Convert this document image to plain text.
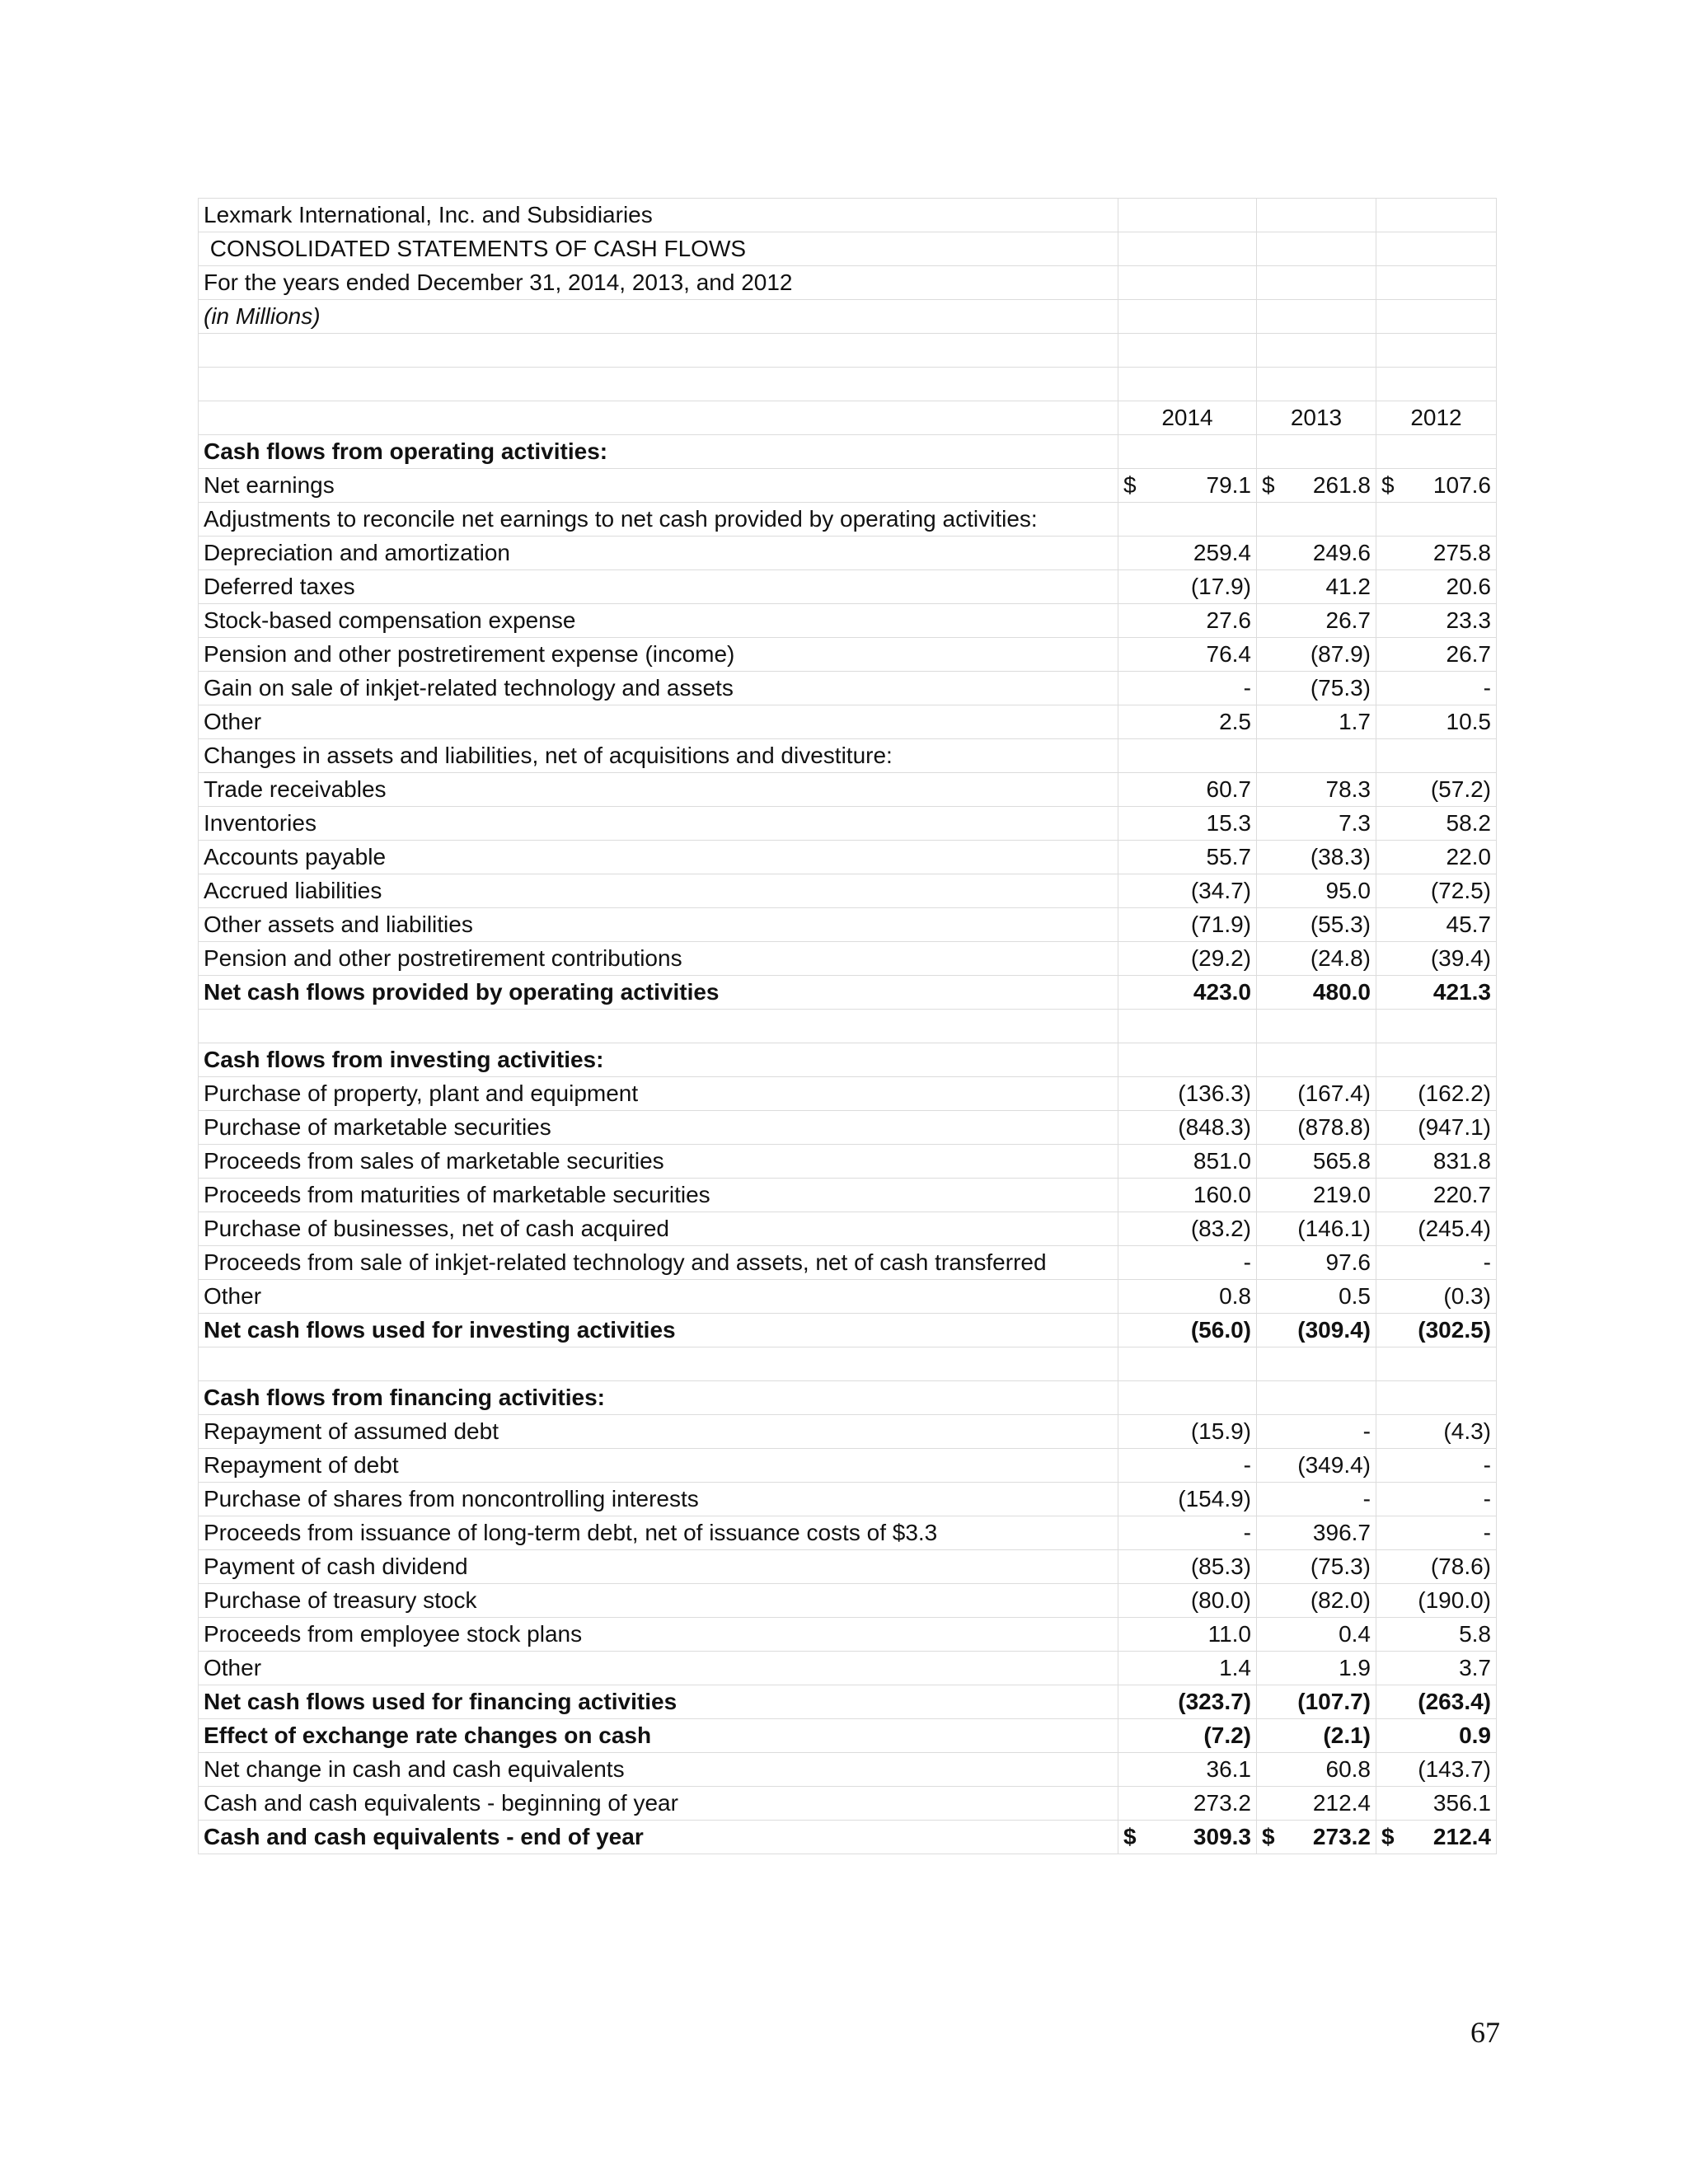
Lexmark International, Inc. and Subsidiaries			
CONSOLIDATED STATEMENTS OF CASH FLOWS			
For the years ended December 31, 2014, 2013, and 2012			
(in Millions)			

	2014	2013	2012
Cash flows from operating activities:			
Net earnings	$ 79.1	$ 261.8	$ 107.6
Adjustments to reconcile net earnings to net cash provided by operating activities:			
Depreciation and amortization	259.4	249.6	275.8
Deferred taxes	(17.9)	41.2	20.6
Stock-based compensation expense	27.6	26.7	23.3
Pension and other postretirement expense (income)	76.4	(87.9)	26.7
Gain on sale of inkjet-related technology and assets	-	(75.3)	-
Other	2.5	1.7	10.5
Changes in assets and liabilities, net of acquisitions and divestiture:			
Trade receivables	60.7	78.3	(57.2)
Inventories	15.3	7.3	58.2
Accounts payable	55.7	(38.3)	22.0
Accrued liabilities	(34.7)	95.0	(72.5)
Other assets and liabilities	(71.9)	(55.3)	45.7
Pension and other postretirement contributions	(29.2)	(24.8)	(39.4)
Net cash flows provided by operating activities	423.0	480.0	421.3

Cash flows from investing activities:			
Purchase of property, plant and equipment	(136.3)	(167.4)	(162.2)
Purchase of marketable securities	(848.3)	(878.8)	(947.1)
Proceeds from sales of marketable securities	851.0	565.8	831.8
Proceeds from maturities of marketable securities	160.0	219.0	220.7
Purchase of businesses, net of cash acquired	(83.2)	(146.1)	(245.4)
Proceeds from sale of inkjet-related technology and assets, net of cash transferred	-	97.6	-
Other	0.8	0.5	(0.3)
Net cash flows used for investing activities	(56.0)	(309.4)	(302.5)

Cash flows from financing activities:			
Repayment of assumed debt	(15.9)	-	(4.3)
Repayment of debt	-	(349.4)	-
Purchase of shares from noncontrolling interests	(154.9)	-	-
Proceeds from issuance of long-term debt, net of issuance costs of $3.3	-	396.7	-
Payment of cash dividend	(85.3)	(75.3)	(78.6)
Purchase of treasury stock	(80.0)	(82.0)	(190.0)
Proceeds from employee stock plans	11.0	0.4	5.8
Other	1.4	1.9	3.7
Net cash flows used for financing activities	(323.7)	(107.7)	(263.4)
Effect of exchange rate changes on cash	(7.2)	(2.1)	0.9
Net change in cash and cash equivalents	36.1	60.8	(143.7)
Cash and cash equivalents - beginning of year	273.2	212.4	356.1
Cash and cash equivalents - end of year	$ 309.3	$ 273.2	$ 212.4
67
